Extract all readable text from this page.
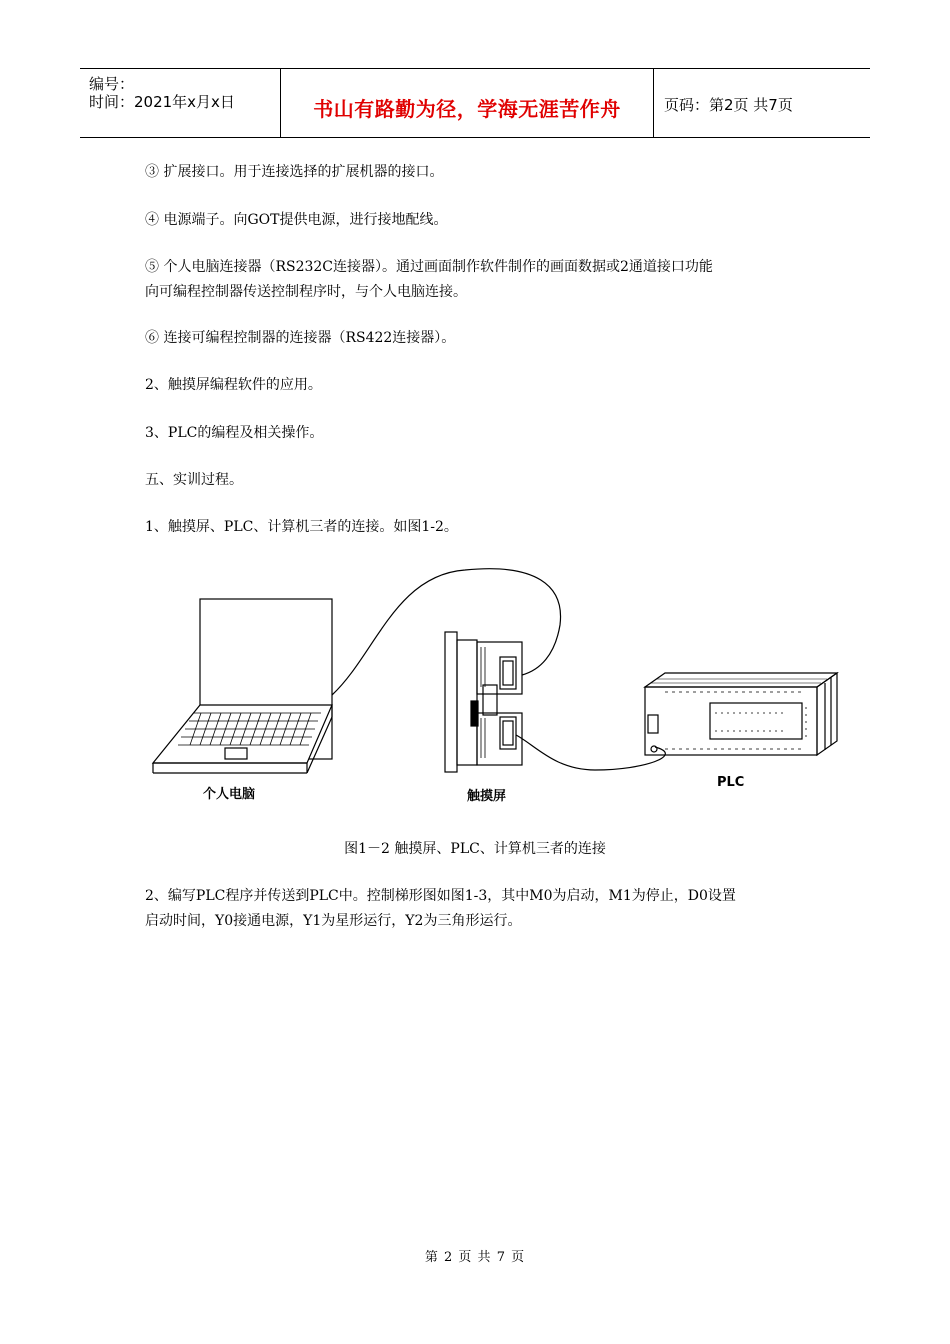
编号：
时间：2021年x月x日	书山有路勤为径，学海无涯苦作舟	页码：第2页 共7页
③ 扩展接口。用于连接选择的扩展机器的接口。
④ 电源端子。向GOT提供电源，进行接地配线。
⑤ 个人电脑连接器（RS232C连接器）。通过画面制作软件制作的画面数据或2通道接口功能
向可编程控制器传送控制程序时，与个人电脑连接。
⑥ 连接可编程控制器的连接器（RS422连接器）。
2、触摸屏编程软件的应用。
3、PLC的编程及相关操作。
五、实训过程。
1、触摸屏、PLC、计算机三者的连接。如图1-2。
个人电脑	触摸屏
PLC
图1－2 触摸屏、PLC、计算机三者的连接
2、编写PLC程序并传送到PLC中。控制梯形图如图1-3，其中M0为启动，M1为停止，D0设置
启动时间，Y0接通电源，Y1为星形运行，Y2为三角形运行。
第 2 页 共 7 页
